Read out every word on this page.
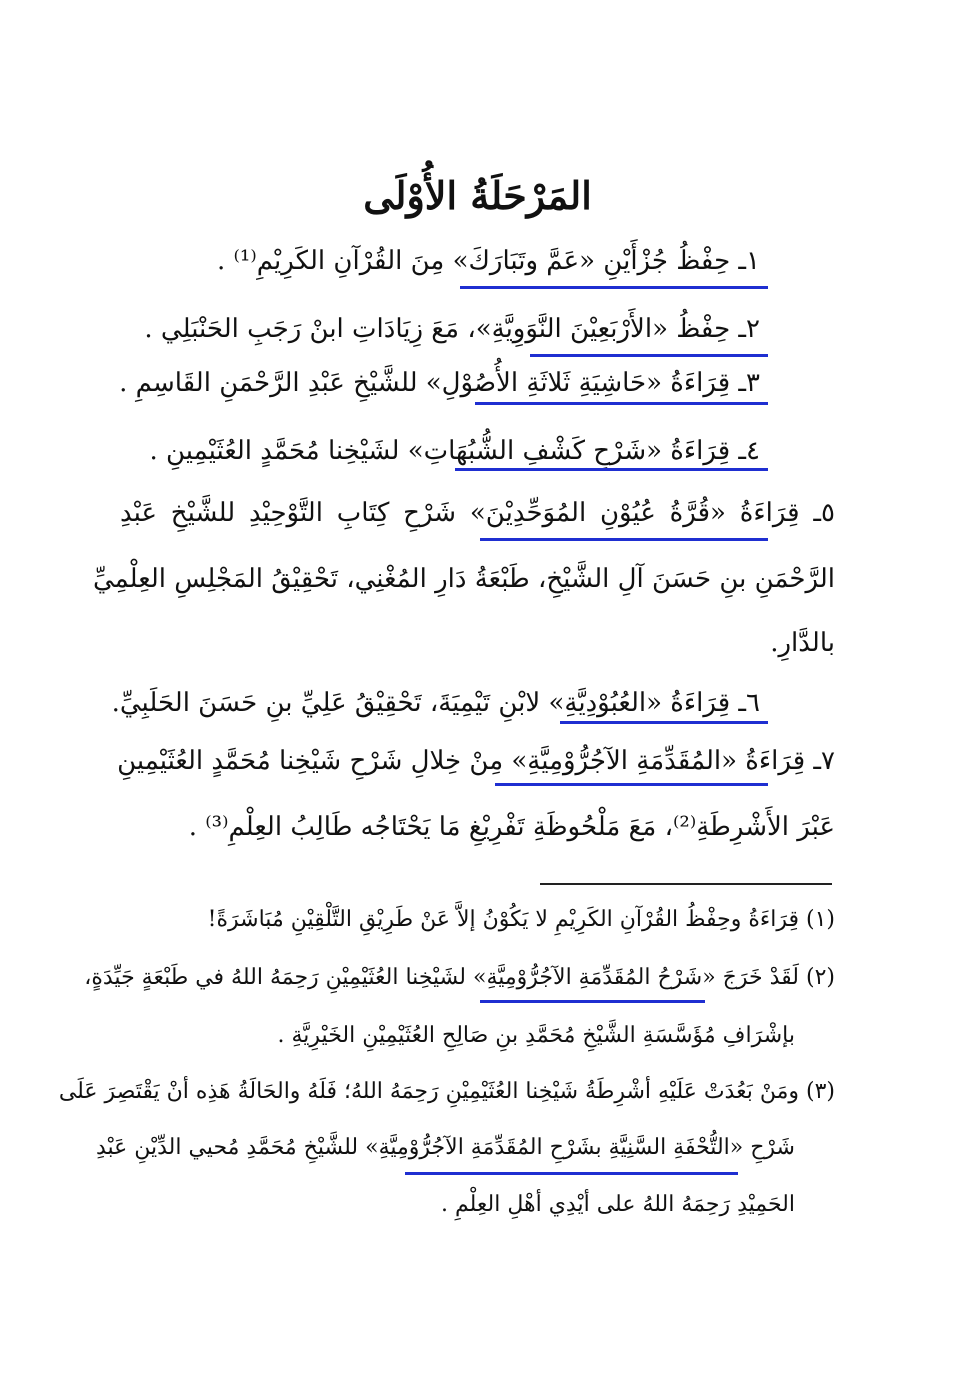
المَرْحَلَةُ الأُوْلَى
١ـ حِفْظُ جُزْأَيْنِ «عَمَّ وتَبَارَكَ» مِنَ القُرْآنِ الكَرِيْمِ⁽¹⁾ .
٢ـ حِفْظُ «الأَرْبَعِيْنَ النَّوَوِيَّةِ»، مَعَ زِيَادَاتِ ابنْ رَجَبِ الحَنْبَلِي .
٣ـ قِرَاءَةُ «حَاشِيَةِ ثَلاثَةِ الأُصُوْلِ» للشَّيْخِ عَبْدِ الرَّحْمَنِ القَاسِمِ .
٤ـ قِرَاءَةُ «شَرْحِ كَشْفِ الشُّبُهَاتِ» لشَيْخِنا مُحَمَّدٍ العُثَيْمِينِ .
٥ـ قِرَاءَةُ «قُرَّةُ عُيُوْنِ المُوَحِّدِيْنَ» شَرْحِ كِتَابِ التَّوْحِيْدِ للشَّيْخِ عَبْدِ
الرَّحْمَنِ بنِ حَسَنَ آلِ الشَّيْخِ، طَبْعَةُ دَارِ المُغْنِي، تَحْقِيْقُ المَجْلِسِ العِلْمِيِّ
بالدَّارِ.
٦ـ قِرَاءَةُ «العُبُوْدِيَّةِ» لابْنِ تَيْمِيَةَ، تَحْقِيْقُ عَلِيِّ بنِ حَسَنَ الحَلَبِيِّ.
٧ـ قِرَاءَةُ «المُقَدِّمَةِ الآجُرُّوْمِيَّةِ» مِنْ خِلالِ شَرْحِ شَيْخِنا مُحَمَّدٍ العُثَيْمِينِ
عَبْرَ الأَشْرِطَةِ⁽²⁾، مَعَ مَلْحُوظَةِ تَفْرِيْغِ مَا يَحْتَاجُه طَالِبُ العِلْمِ⁽³⁾ .
(١) قِرَاءَةُ وحِفْظُ القُرْآنِ الكَرِيْمِ لا يَكُوْنُ إلاَّ عَنْ طَرِيْقِ التَّلْقِيْنِ مُبَاشَرَةً!
(٢) لَقَدْ خَرَجَ «شَرْحُ المُقَدِّمَةِ الآجُرُّوْمِيَّةِ» لشَيْخِنا العُثَيْمِيْنِ رَحِمَهُ اللهُ في طَبْعَةٍ جَيِّدَةٍ،
بإشْرَافِ مُؤَسَّسَةِ الشَّيْخِ مُحَمَّدِ بنِ صَالِحِ العُثَيْمِيْنِ الخَيْرِيَّةِ .
(٣) ومَنْ بَعُدَتْ عَلَيْهِ أشْرِطَةُ شَيْخِنا العُثَيْمِيْنِ رَحِمَهُ اللهُ؛ فَلَهُ والحَالَةُ هَذِه أنْ يَقْتَصِرَ عَلَى
شَرْحِ «التُّحْفَةِ السَّنِيَّةِ بشَرْحِ المُقَدِّمَةِ الآجُرُّوْمِيَّةِ» للشَّيْخِ مُحَمَّدِ مُحيي الدِّيْنِ عَبْدِ
الحَمِيْدِ رَحِمَهُ اللهُ على أيْدِي أهْلِ العِلْمِ .
